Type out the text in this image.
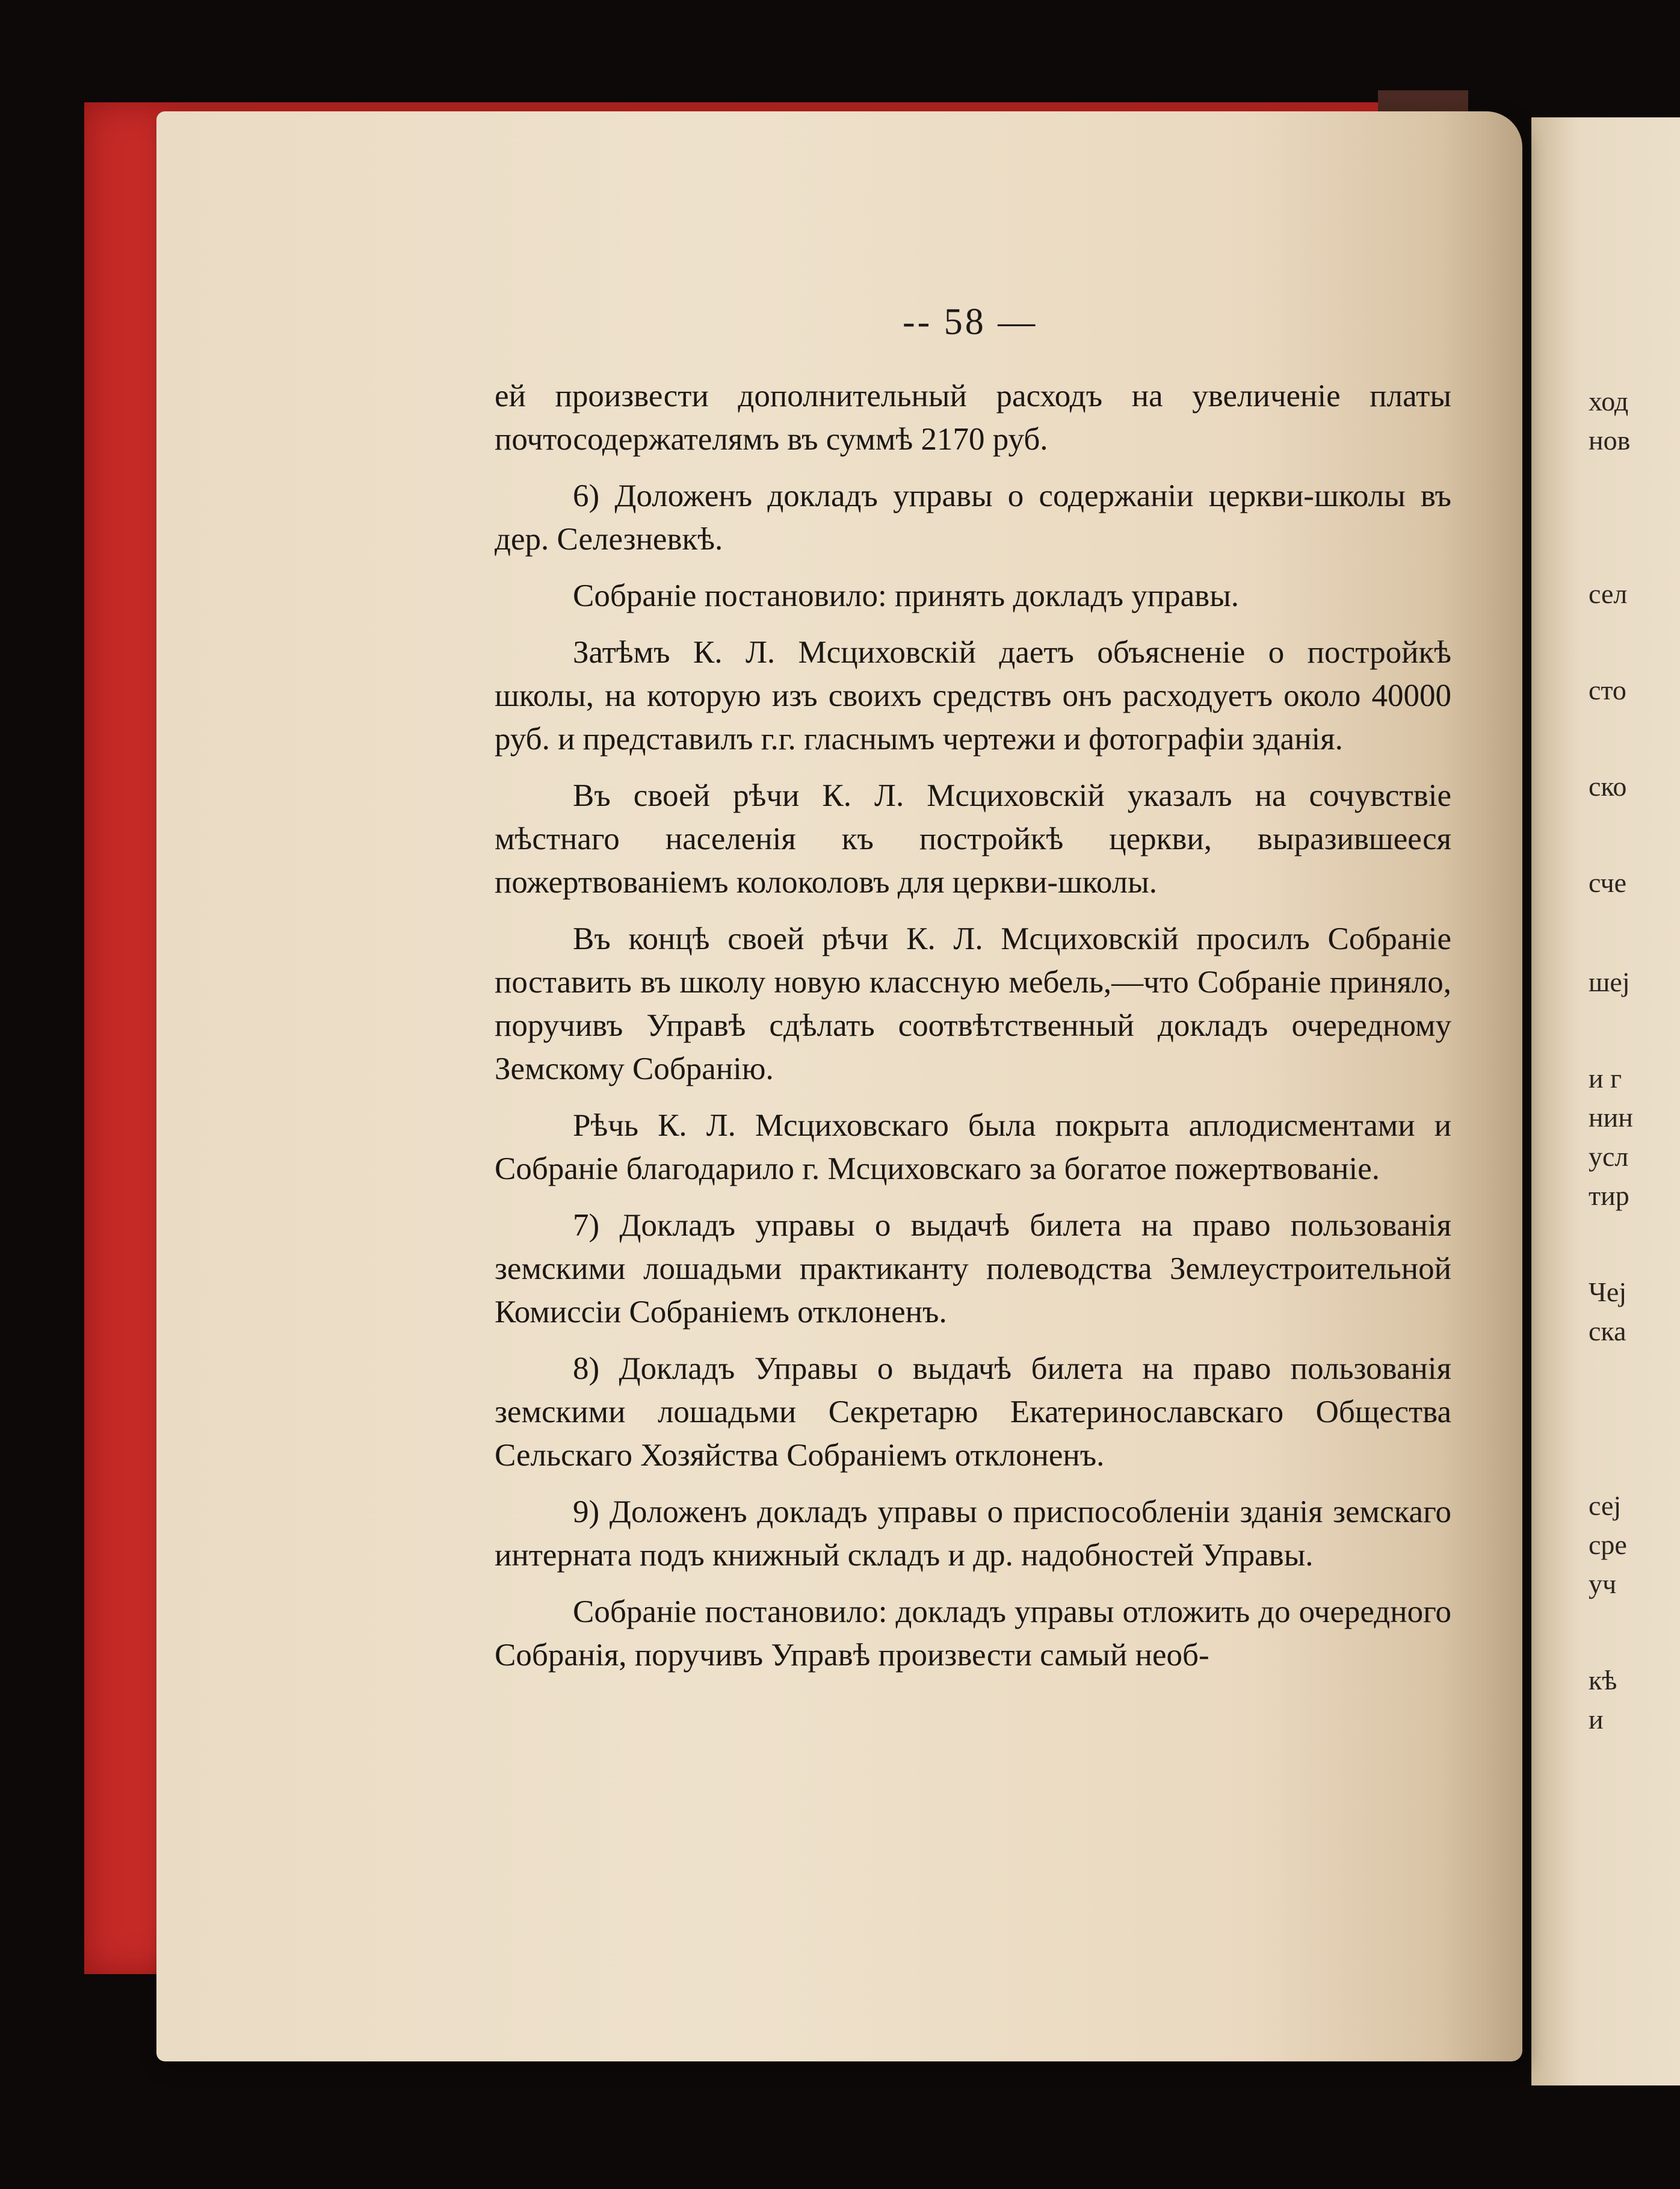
ход
нов
сел
сто
ско
сче
шеј
и г
нин
усл
тир
Чеј
ска
сеј
сре
уч
кѣ
и
-- 58 —

ей произвести дополнительный расходъ на увеличеніе платы почтосодержателямъ въ суммѣ 2170 руб.

6) Доложенъ докладъ управы о содержаніи церкви-школы въ дер. Селезневкѣ.

Собраніе постановило: принять докладъ управы.

Затѣмъ К. Л. Мсциховскій даетъ объясненіе о постройкѣ школы, на которую изъ своихъ средствъ онъ расходуетъ около 40000 руб. и представилъ г.г. гласнымъ чертежи и фотографіи зданія.

Въ своей рѣчи К. Л. Мсциховскій указалъ на сочувствіе мѣстнаго населенія къ постройкѣ церкви, выразившееся пожертвованіемъ колоколовъ для церкви-школы.

Въ концѣ своей рѣчи К. Л. Мсциховскій просилъ Собраніе поставить въ школу новую классную мебель,—что Собраніе приняло, поручивъ Управѣ сдѣлать соотвѣтственный докладъ очередному Земскому Собранію.

Рѣчь К. Л. Мсциховскаго была покрыта аплодисментами и Собраніе благодарило г. Мсциховскаго за богатое пожертвованіе.

7) Докладъ управы о выдачѣ билета на право пользованія земскими лошадьми практиканту полеводства Землеустроительной Комиссіи Собраніемъ отклоненъ.

8) Докладъ Управы о выдачѣ билета на право пользованія земскими лошадьми Секретарю Екатеринославскаго Общества Сельскаго Хозяйства Собраніемъ отклоненъ.

9) Доложенъ докладъ управы о приспособленіи зданія земскаго интерната подъ книжный складъ и др. надобностей Управы.

Собраніе постановило: докладъ управы отложить до очередного Собранія, поручивъ Управѣ произвести самый необ-
